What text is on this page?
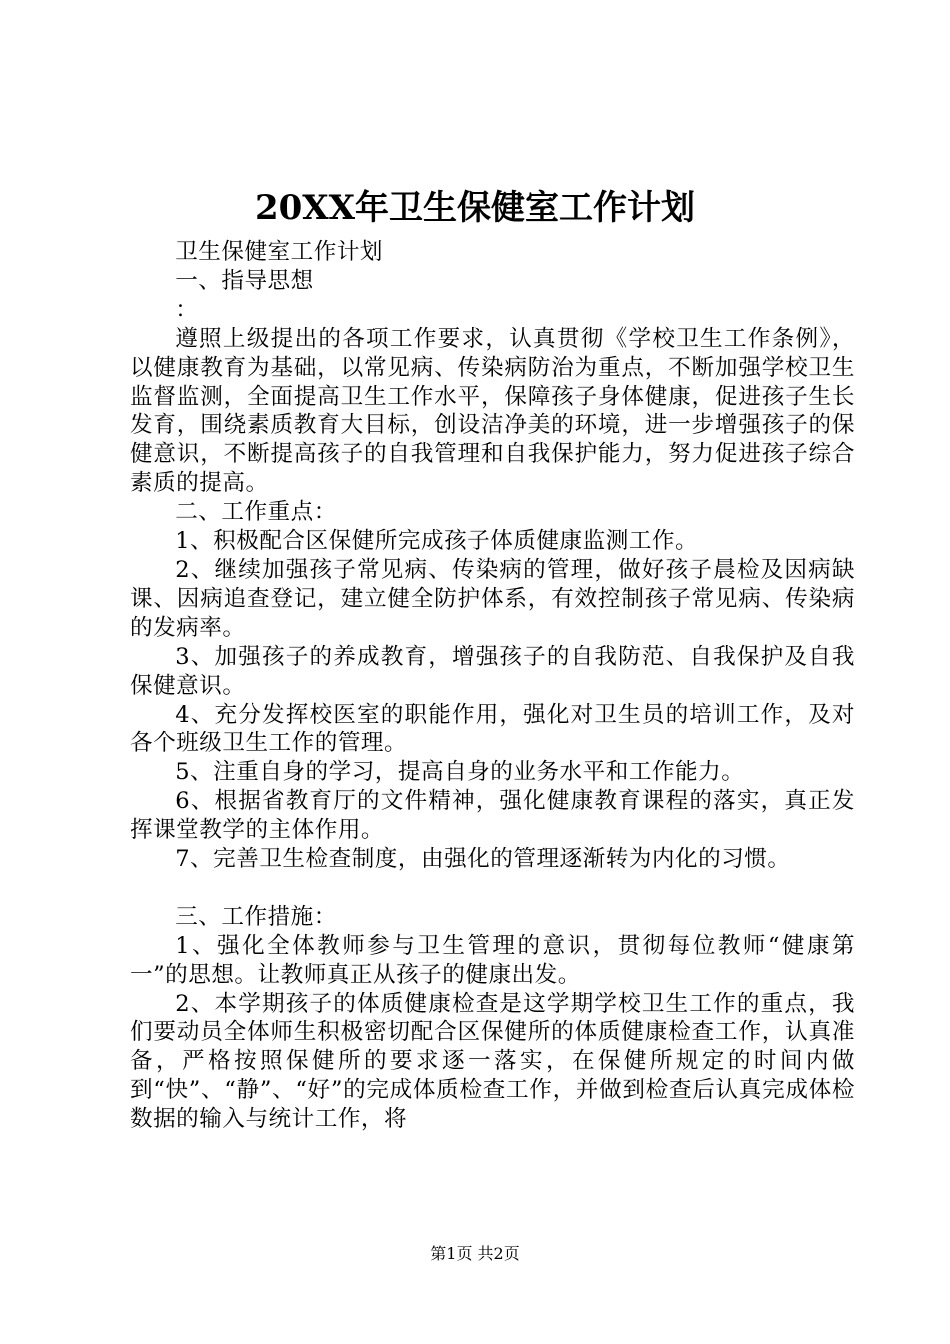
20XX年卫生保健室工作计划

卫生保健室工作计划

一、指导思想

：

遵照上级提出的各项工作要求，认真贯彻《学校卫生工作条例》，以健康教育为基础，以常见病、传染病防治为重点，不断加强学校卫生监督监测，全面提高卫生工作水平，保障孩子身体健康，促进孩子生长发育，围绕素质教育大目标，创设洁净美的环境，进一步增强孩子的保健意识，不断提高孩子的自我管理和自我保护能力，努力促进孩子综合素质的提高。

二、工作重点：

1、积极配合区保健所完成孩子体质健康监测工作。

2、继续加强孩子常见病、传染病的管理，做好孩子晨检及因病缺课、因病追查登记，建立健全防护体系，有效控制孩子常见病、传染病的发病率。

3、加强孩子的养成教育，增强孩子的自我防范、自我保护及自我保健意识。

4、充分发挥校医室的职能作用，强化对卫生员的培训工作，及对各个班级卫生工作的管理。

5、注重自身的学习，提高自身的业务水平和工作能力。

6、根据省教育厅的文件精神，强化健康教育课程的落实，真正发挥课堂教学的主体作用。

7、完善卫生检查制度，由强化的管理逐渐转为内化的习惯。

三、工作措施：

1、强化全体教师参与卫生管理的意识，贯彻每位教师“健康第一”的思想。让教师真正从孩子的健康出发。

2、本学期孩子的体质健康检查是这学期学校卫生工作的重点，我们要动员全体师生积极密切配合区保健所的体质健康检查工作，认真准备，严格按照保健所的要求逐一落实，在保健所规定的时间内做到“快”、“静”、“好”的完成体质检查工作，并做到检查后认真完成体检数据的输入与统计工作，将

第1页 共2页
